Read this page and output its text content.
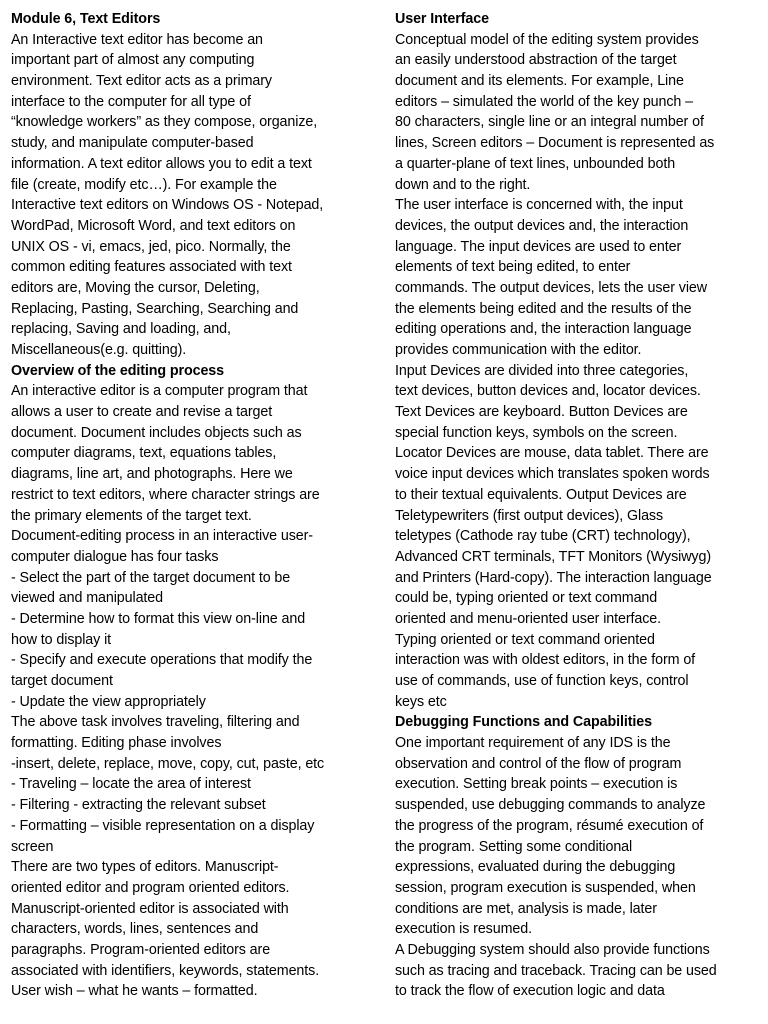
Module 6, Text Editors
An Interactive text editor has become an
important part of almost any computing
environment. Text editor acts as a primary
interface to the computer for all type of
“knowledge workers” as they compose, organize,
study, and manipulate computer-based
information. A text editor allows you to edit a text
file (create, modify etc…). For example the
Interactive text editors on Windows OS - Notepad,
WordPad, Microsoft Word, and text editors on
UNIX OS - vi, emacs, jed, pico. Normally, the
common editing features associated with text
editors are, Moving the cursor, Deleting,
Replacing, Pasting, Searching, Searching and
replacing, Saving and loading, and,
Miscellaneous(e.g. quitting).
Overview of the editing process
An interactive editor is a computer program that
allows a user to create and revise a target
document. Document includes objects such as
computer diagrams, text, equations tables,
diagrams, line art, and photographs. Here we
restrict to text editors, where character strings are
the primary elements of the target text.
Document-editing process in an interactive user-
computer dialogue has four tasks
- Select the part of the target document to be
viewed and manipulated
- Determine how to format this view on-line and
how to display it
- Specify and execute operations that modify the
target document
- Update the view appropriately
The above task involves traveling, filtering and
formatting. Editing phase involves
-insert, delete, replace, move, copy, cut, paste, etc
- Traveling – locate the area of interest
- Filtering - extracting the relevant subset
- Formatting – visible representation on a display
screen
There are two types of editors. Manuscript-
oriented editor and program oriented editors.
Manuscript-oriented editor is associated with
characters, words, lines, sentences and
paragraphs. Program-oriented editors are
associated with identifiers, keywords, statements.
User wish – what he wants – formatted.
User Interface
Conceptual model of the editing system provides
an easily understood abstraction of the target
document and its elements. For example, Line
editors – simulated the world of the key punch –
80 characters, single line or an integral number of
lines, Screen editors – Document is represented as
a quarter-plane of text lines, unbounded both
down and to the right.
The user interface is concerned with, the input
devices, the output devices and, the interaction
language. The input devices are used to enter
elements of text being edited, to enter
commands. The output devices, lets the user view
the elements being edited and the results of the
editing operations and, the interaction language
provides communication with the editor.
Input Devices are divided into three categories,
text devices, button devices and, locator devices.
Text Devices are keyboard. Button Devices are
special function keys, symbols on the screen.
Locator Devices are mouse, data tablet. There are
voice input devices which translates spoken words
to their textual equivalents. Output Devices are
Teletypewriters (first output devices), Glass
teletypes (Cathode ray tube (CRT) technology),
Advanced CRT terminals, TFT Monitors (Wysiwyg)
and Printers (Hard-copy). The interaction language
could be, typing oriented or text command
oriented and menu-oriented user interface.
Typing oriented or text command oriented
interaction was with oldest editors, in the form of
use of commands, use of function keys, control
keys etc
Debugging Functions and Capabilities
One important requirement of any IDS is the
observation and control of the flow of program
execution. Setting break points – execution is
suspended, use debugging commands to analyze
the progress of the program, résumé execution of
the program. Setting some conditional
expressions, evaluated during the debugging
session, program execution is suspended, when
conditions are met, analysis is made, later
execution is resumed.
A Debugging system should also provide functions
such as tracing and traceback. Tracing can be used
to track the flow of execution logic and data
